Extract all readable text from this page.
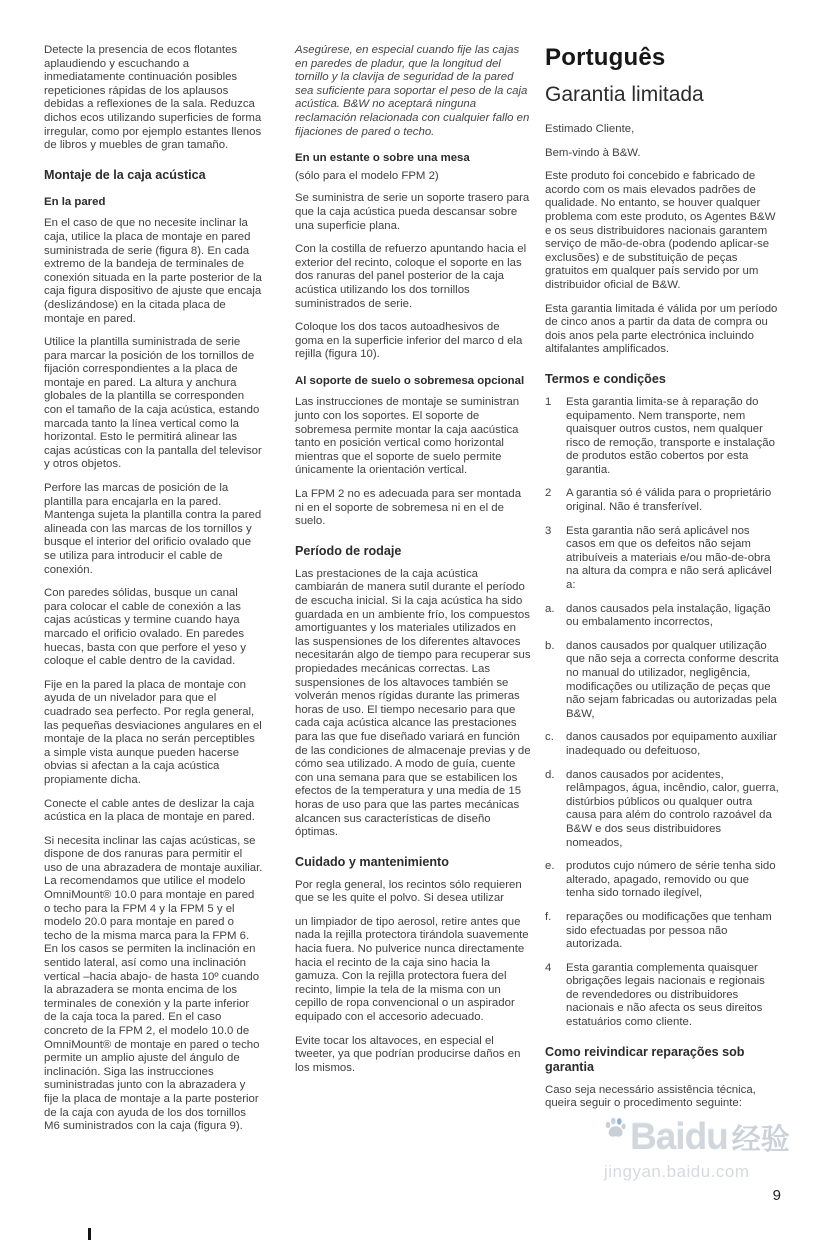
Detecte la presencia de ecos flotantes aplaudiendo y escuchando a inmediatamente continuación posibles repeticiones rápidas de los aplausos debidas a reflexiones de la sala. Reduzca dichos ecos utilizando superficies de forma irregular, como por ejemplo estantes llenos de libros y muebles de gran tamaño.

Montaje de la caja acústica
En la pared

En el caso de que no necesite inclinar la caja, utilice la placa de montaje en pared suministrada de serie (figura 8). En cada extremo de la bandeja de terminales de conexión situada en la parte posterior de la caja figura dispositivo de ajuste que encaja (deslizándose) en la citada placa de montaje en pared.

Utilice la plantilla suministrada de serie para marcar la posición de los tornillos de fijación correspondientes a la placa de montaje en pared. La altura y anchura globales de la plantilla se corresponden con el tamaño de la caja acústica, estando marcada tanto la línea vertical como la horizontal. Esto le permitirá alinear las cajas acústicas con la pantalla del televisor y otros objetos.

Perfore las marcas de posición de la plantilla para encajarla en la pared. Mantenga sujeta la plantilla contra la pared alineada con las marcas de los tornillos y busque el interior del orificio ovalado que se utiliza para introducir el cable de conexión.

Con paredes sólidas, busque un canal para colocar el cable de conexión a las cajas acústicas y termine cuando haya marcado el orificio ovalado. En paredes huecas, basta con que perfore el yeso y coloque el cable dentro de la cavidad.

Fije en la pared la placa de montaje con ayuda de un nivelador para que el cuadrado sea perfecto. Por regla general, las pequeñas desviaciones angulares en el montaje de la placa no serán perceptibles a simple vista aunque pueden hacerse obvias si afectan a la caja acústica propiamente dicha.

Conecte el cable antes de deslizar la caja acústica en la placa de montaje en pared.

Si necesita inclinar las cajas acústicas, se dispone de dos ranuras para permitir el uso de una abrazadera de montaje auxiliar. La recomendamos que utilice el modelo OmniMount® 10.0 para montaje en pared o techo para la FPM 4 y la FPM 5 y el modelo 20.0 para montaje en pared o techo de la misma marca para la FPM 6. En los casos se permiten la inclinación en sentido lateral, así como una inclinación vertical –hacia abajo- de hasta 10º cuando la abrazadera se monta encima de los terminales de conexión y la parte inferior de la caja toca la pared. En el caso concreto de la FPM 2, el modelo 10.0 de OmniMount® de montaje en pared o techo permite un amplio ajuste del ángulo de inclinación. Siga las instrucciones suministradas junto con la abrazadera y fije la placa de montaje a la parte posterior de la caja con ayuda de los dos tornillos M6 suministrados con la caja (figura 9).

Asegúrese, en especial cuando fije las cajas en paredes de pladur, que la longitud del tornillo y la clavija de seguridad de la pared sea suficiente para soportar el peso de la caja acústica. B&W no aceptará ninguna reclamación relacionada con cualquier fallo en fijaciones de pared o techo.

En un estante o sobre una mesa

(sólo para el modelo FPM 2)

Se suministra de serie un soporte trasero para que la caja acústica pueda descansar sobre una superficie plana.

Con la costilla de refuerzo apuntando hacia el exterior del recinto, coloque el soporte en las dos ranuras del panel posterior de la caja acústica utilizando los dos tornillos suministrados de serie.

Coloque los dos tacos autoadhesivos de goma en la superficie inferior del marco d ela rejilla (figura 10).

Al soporte de suelo o sobremesa opcional

Las instrucciones de montaje se suministran junto con los soportes. El soporte de sobremesa permite montar la caja aacústica tanto en posición vertical como horizontal mientras que el soporte de suelo permite únicamente la orientación vertical.

La FPM 2 no es adecuada para ser montada ni en el soporte de sobremesa ni en el de suelo.

Período de rodaje

Las prestaciones de la caja acústica cambiarán de manera sutil durante el período de escucha inicial. Si la caja acústica ha sido guardada en un ambiente frío, los compuestos amortiguantes y los materiales utilizados en las suspensiones de los diferentes altavoces necesitarán algo de tiempo para recuperar sus propiedades mecánicas correctas. Las suspensiones de los altavoces también se volverán menos rígidas durante las primeras horas de uso. El tiempo necesario para que cada caja acústica alcance las prestaciones para las que fue diseñado variará en función de las condiciones de almacenaje previas y de cómo sea utilizado. A modo de guía, cuente con una semana para que se estabilicen los efectos de la temperatura y una media de 15 horas de uso para que las partes mecánicas alcancen sus características de diseño óptimas.

Cuidado y mantenimiento

Por regla general, los recintos sólo requieren que se les quite el polvo. Si desea utilizar

un limpiador de tipo aerosol, retire antes que nada la rejilla protectora tirándola suavemente hacia fuera. No pulverice nunca directamente hacia el recinto de la caja sino hacia la gamuza. Con la rejilla protectora fuera del recinto, limpie la tela de la misma con un cepillo de ropa convencional o un aspirador equipado con el accesorio adecuado.

Evite tocar los altavoces, en especial el tweeter, ya que podrían producirse daños en los mismos.

Português
Garantia limitada

Estimado Cliente,

Bem-vindo à B&W.

Este produto foi concebido e fabricado de acordo com os mais elevados padrões de qualidade. No entanto, se houver qualquer problema com este produto, os Agentes B&W e os seus distribuidores nacionais garantem serviço de mão-de-obra (podendo aplicar-se exclusões) e de substituição de peças gratuitos em qualquer país servido por um distribuidor oficial de B&W.

Esta garantia limitada é válida por um período de cinco anos a partir da data de compra ou dois anos pela parte electrónica incluindo altifalantes amplificados.

Termos e condições

1	Esta garantia limita-se à reparação do equipamento. Nem transporte, nem quaisquer outros custos, nem qualquer risco de remoção, transporte e instalação de produtos estão cobertos por esta garantia.

2	A garantia só é válida para o proprietário original. Não é transferível.

3	Esta garantia não será aplicável nos casos em que os defeitos não sejam atribuíveis a materiais e/ou mão-de-obra na altura da compra e não será aplicável a:

a.	danos causados pela instalação, ligação ou embalamento incorrectos,

b.	danos causados por qualquer utilização que não seja a correcta conforme descrita no manual do utilizador, negligência, modificações ou utilização de peças que não sejam fabricadas ou autorizadas pela B&W,

c.	danos causados por equipamento auxiliar inadequado ou defeituoso,

d.	danos causados por acidentes, relâmpagos, água, incêndio, calor, guerra, distúrbios públicos ou qualquer outra causa para além do controlo razoável da B&W e dos seus distribuidores nomeados,

e.	produtos cujo número de série tenha sido alterado, apagado, removido ou que tenha sido tornado ilegível,

f.	reparações ou modificações que tenham sido efectuadas por pessoa não autorizada.

4	Esta garantia complementa quaisquer obrigações legais nacionais e regionais de revendedores ou distribuidores nacionais e não afecta os seus direitos estatuários como cliente.

Como reivindicar reparações sob garantia

Caso seja necessário assistência técnica, queira seguir o procedimento seguinte:

Baidu 经验
jingyan.baidu.com
9
